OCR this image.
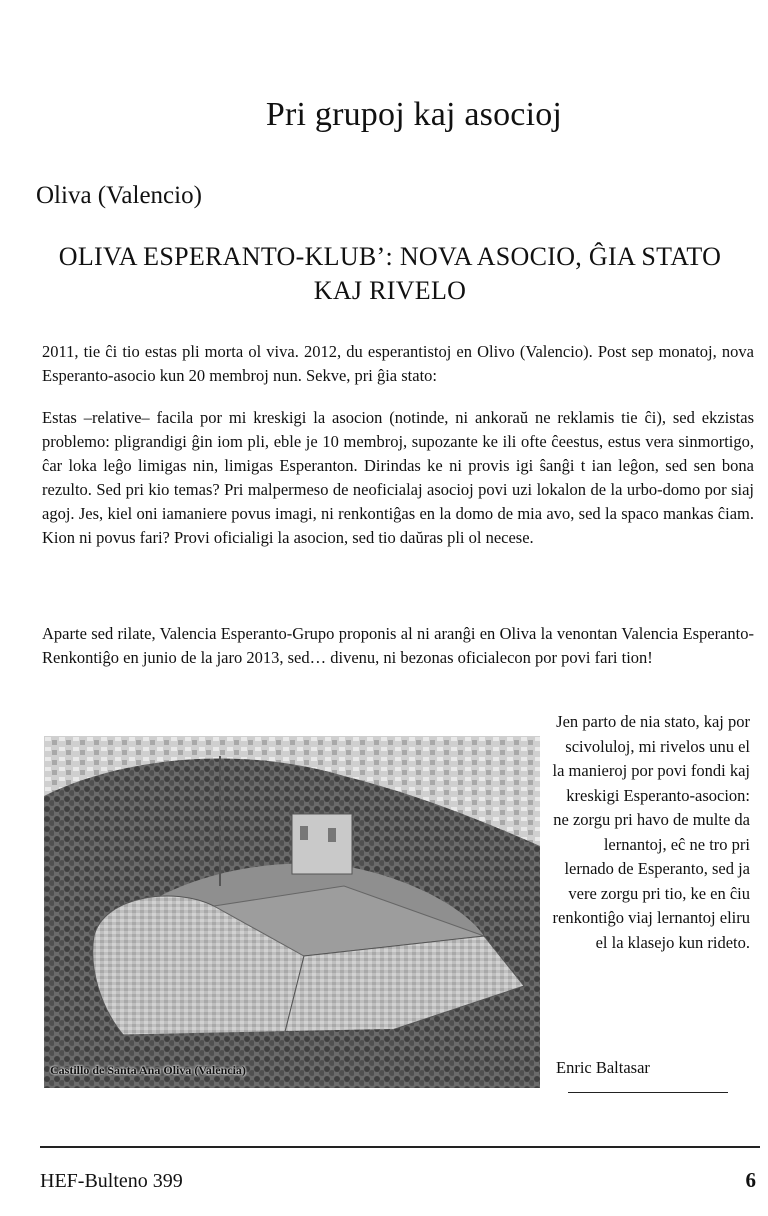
Pri grupoj kaj asocioj
Oliva (Valencio)
OLIVA ESPERANTO-KLUB’: NOVA ASOCIO, ĜIA STATO KAJ RIVELO
2011, tie ĉi tio estas pli morta ol viva. 2012, du esperantistoj en Olivo (Valencio). Post sep monatoj, nova Esperanto-asocio kun 20 membroj nun. Sekve, pri ĝia stato:
Estas –relative– facila por mi kreskigi la asocion (notinde, ni ankoraŭ ne reklamis tie ĉi), sed ekzistas problemo: pligrandigi ĝin iom pli, eble je 10 membroj, supozante ke ili ofte ĉeestus, estus vera sinmortigo, ĉar loka leĝo limigas nin, limigas Esperanton. Dirindas ke ni provis igi ŝanĝi t ian leĝon, sed sen bona rezulto. Sed pri kio temas? Pri malpermeso de neoficialaj asocioj povi uzi lokalon de la urbo-domo por siaj agoj. Jes, kiel oni iamaniere povus imagi, ni renkontiĝas en la domo de mia avo, sed la spaco mankas ĉiam. Kion ni povus fari? Provi oficialigi la asocion, sed tio daŭras pli ol necese.
Aparte sed rilate, Valencia Esperanto-Grupo proponis al ni aranĝi en Oliva la venontan Valencia Esperanto-Renkontiĝo en junio de la jaro 2013, sed… divenu, ni bezonas oficialecon por povi fari tion!
Castillo de Santa Ana Oliva (Valencia)
Jen parto de nia stato, kaj por scivoluloj, mi rivelos unu el la manieroj por povi fondi kaj kreskigi Esperanto-asocion: ne zorgu pri havo de multe da lernantoj, eĉ ne tro pri lernado de Esperanto, sed ja vere zorgu pri tio, ke en ĉiu renkontiĝo viaj lernantoj eliru el la klasejo kun rideto.
Enric Baltasar
HEF-Bulteno 399	6
